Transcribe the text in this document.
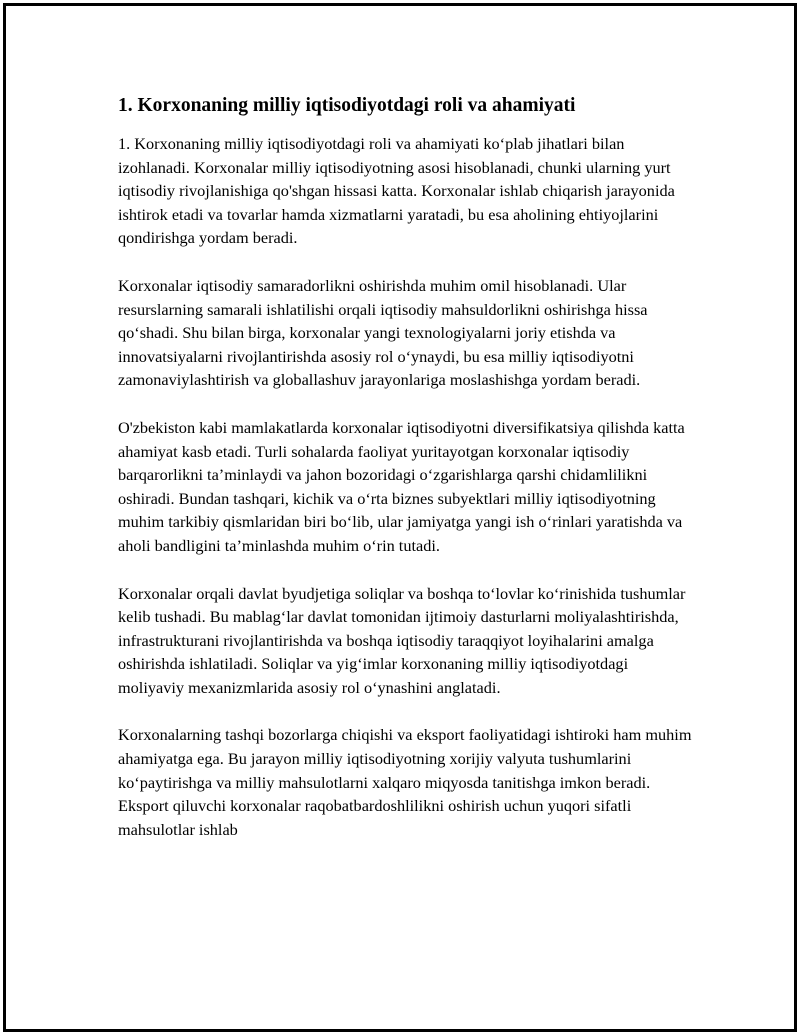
1. Korxonaning milliy iqtisodiyotdagi roli va ahamiyati

1. Korxonaning milliy iqtisodiyotdagi roli va ahamiyati ko‘plab jihatlari bilan izohlanadi. Korxonalar milliy iqtisodiyotning asosi hisoblanadi, chunki ularning yurt iqtisodiy rivojlanishiga qo'shgan hissasi katta. Korxonalar ishlab chiqarish jarayonida ishtirok etadi va tovarlar hamda xizmatlarni yaratadi, bu esa aholining ehtiyojlarini qondirishga yordam beradi.

Korxonalar iqtisodiy samaradorlikni oshirishda muhim omil hisoblanadi. Ular resurslarning samarali ishlatilishi orqali iqtisodiy mahsuldorlikni oshirishga hissa qo‘shadi. Shu bilan birga, korxonalar yangi texnologiyalarni joriy etishda va innovatsiyalarni rivojlantirishda asosiy rol o‘ynaydi, bu esa milliy iqtisodiyotni zamonaviylashtirish va globallashuv jarayonlariga moslashishga yordam beradi.

O'zbekiston kabi mamlakatlarda korxonalar iqtisodiyotni diversifikatsiya qilishda katta ahamiyat kasb etadi. Turli sohalarda faoliyat yuritayotgan korxonalar iqtisodiy barqarorlikni ta’minlaydi va jahon bozoridagi o‘zgarishlarga qarshi chidamlilikni oshiradi. Bundan tashqari, kichik va o‘rta biznes subyektlari milliy iqtisodiyotning muhim tarkibiy qismlaridan biri bo‘lib, ular jamiyatga yangi ish o‘rinlari yaratishda va aholi bandligini ta’minlashda muhim o‘rin tutadi.

Korxonalar orqali davlat byudjetiga soliqlar va boshqa to‘lovlar ko‘rinishida tushumlar kelib tushadi. Bu mablag‘lar davlat tomonidan ijtimoiy dasturlarni moliyalashtirishda, infrastrukturani rivojlantirishda va boshqa iqtisodiy taraqqiyot loyihalarini amalga oshirishda ishlatiladi. Soliqlar va yig‘imlar korxonaning milliy iqtisodiyotdagi moliyaviy mexanizmlarida asosiy rol o‘ynashini anglatadi.

Korxonalarning tashqi bozorlarga chiqishi va eksport faoliyatidagi ishtiroki ham muhim ahamiyatga ega. Bu jarayon milliy iqtisodiyotning xorijiy valyuta tushumlarini ko‘paytirishga va milliy mahsulotlarni xalqaro miqyosda tanitishga imkon beradi. Eksport qiluvchi korxonalar raqobatbardoshlilikni oshirish uchun yuqori sifatli mahsulotlar ishlab
